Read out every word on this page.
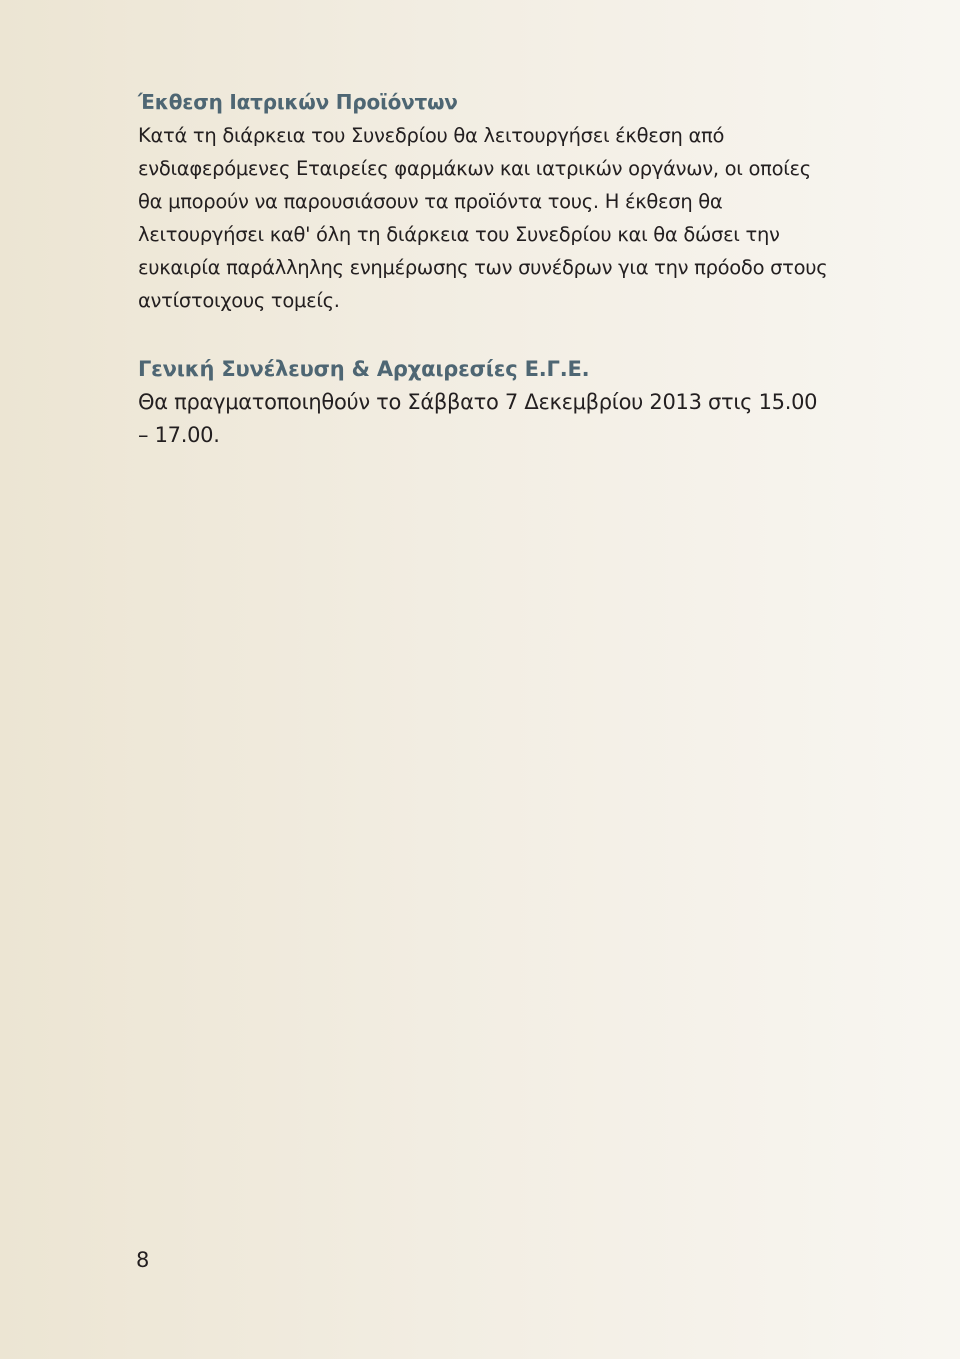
Έκθεση Ιατρικών Προϊόντων

Κατά τη διάρκεια του Συνεδρίου θα λειτουργήσει έκθεση από ενδιαφερόμενες Εταιρείες φαρμάκων και ιατρικών οργάνων, οι οποίες θα μπορούν να παρουσιάσουν τα προϊόντα τους. Η έκθεση θα λειτουργήσει καθ' όλη τη διάρκεια του Συνεδρίου και θα δώσει την ευκαιρία παράλληλης ενημέρωσης των συνέδρων για την πρόοδο στους αντίστοιχους τομείς.

Γενική Συνέλευση & Αρχαιρεσίες Ε.Γ.Ε.

Θα πραγματοποιηθούν το Σάββατο 7 Δεκεμβρίου 2013 στις 15.00 – 17.00.

8
